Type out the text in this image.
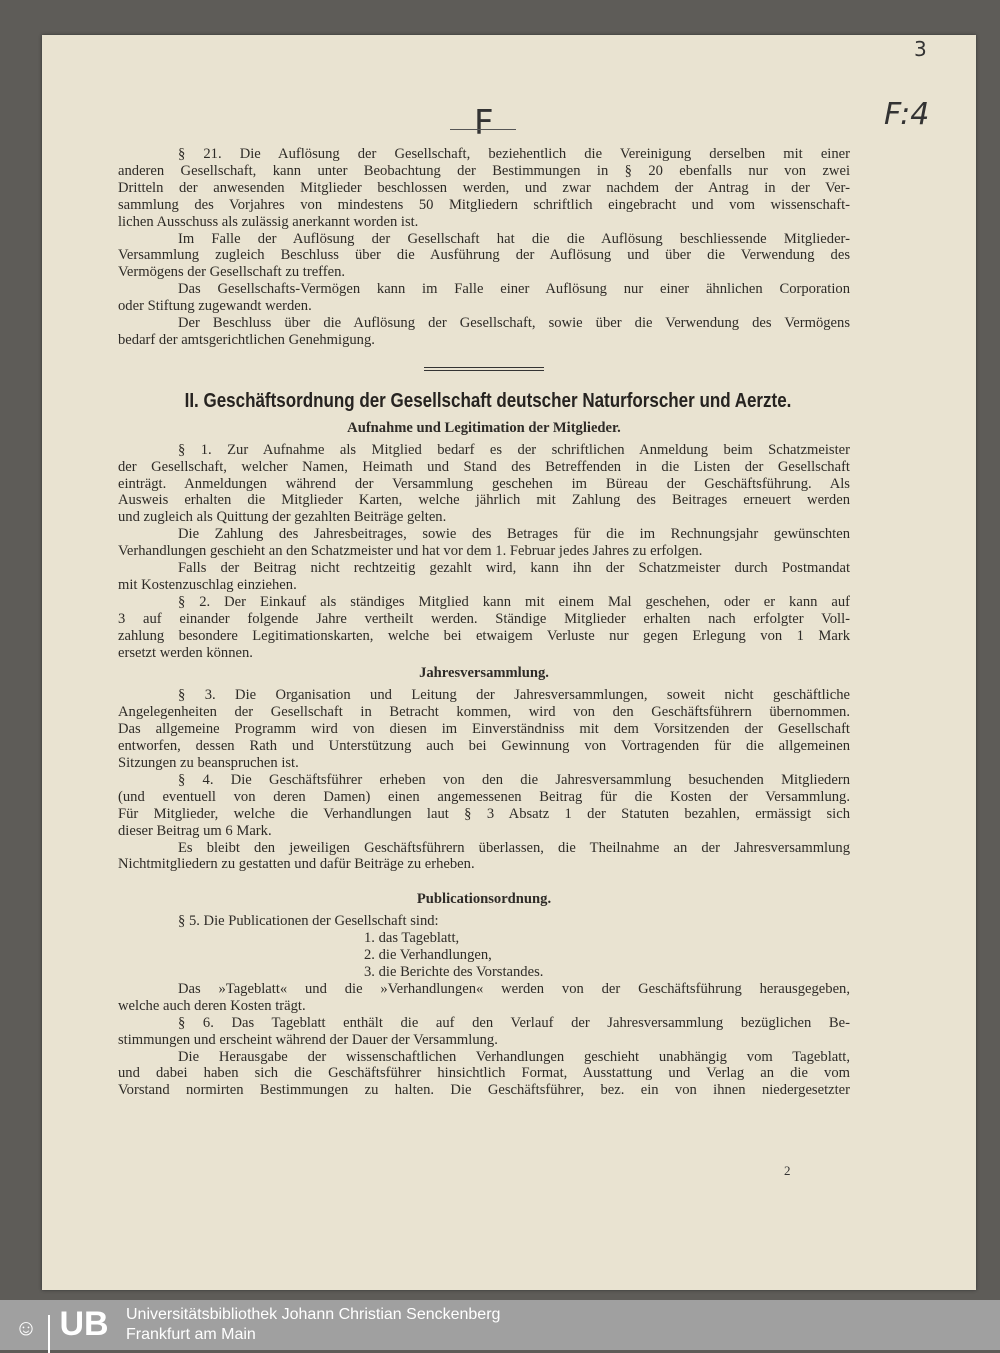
3
F:4
F
2
§ 21. Die Auflösung der Gesellschaft, beziehentlich die Vereinigung derselben mit einer
anderen Gesellschaft, kann unter Beobachtung der Bestimmungen in § 20 ebenfalls nur von zwei
Dritteln der anwesenden Mitglieder beschlossen werden, und zwar nachdem der Antrag in der Ver-
sammlung des Vorjahres von mindestens 50 Mitgliedern schriftlich eingebracht und vom wissenschaft-
lichen Ausschuss als zulässig anerkannt worden ist.
Im Falle der Auflösung der Gesellschaft hat die die Auflösung beschliessende Mitglieder-
Versammlung zugleich Beschluss über die Ausführung der Auflösung und über die Verwendung des
Vermögens der Gesellschaft zu treffen.
Das Gesellschafts-Vermögen kann im Falle einer Auflösung nur einer ähnlichen Corporation
oder Stiftung zugewandt werden.
Der Beschluss über die Auflösung der Gesellschaft, sowie über die Verwendung des Vermögens
bedarf der amtsgerichtlichen Genehmigung.
II. Geschäftsordnung der Gesellschaft deutscher Naturforscher und Aerzte.
Aufnahme und Legitimation der Mitglieder.
§ 1. Zur Aufnahme als Mitglied bedarf es der schriftlichen Anmeldung beim Schatzmeister
der Gesellschaft, welcher Namen, Heimath und Stand des Betreffenden in die Listen der Gesellschaft
einträgt. Anmeldungen während der Versammlung geschehen im Büreau der Geschäftsführung. Als
Ausweis erhalten die Mitglieder Karten, welche jährlich mit Zahlung des Beitrages erneuert werden
und zugleich als Quittung der gezahlten Beiträge gelten.
Die Zahlung des Jahresbeitrages, sowie des Betrages für die im Rechnungsjahr gewünschten
Verhandlungen geschieht an den Schatzmeister und hat vor dem 1. Februar jedes Jahres zu erfolgen.
Falls der Beitrag nicht rechtzeitig gezahlt wird, kann ihn der Schatzmeister durch Postmandat
mit Kostenzuschlag einziehen.
§ 2. Der Einkauf als ständiges Mitglied kann mit einem Mal geschehen, oder er kann auf
3 auf einander folgende Jahre vertheilt werden. Ständige Mitglieder erhalten nach erfolgter Voll-
zahlung besondere Legitimationskarten, welche bei etwaigem Verluste nur gegen Erlegung von 1 Mark
ersetzt werden können.
Jahresversammlung.
§ 3. Die Organisation und Leitung der Jahresversammlungen, soweit nicht geschäftliche
Angelegenheiten der Gesellschaft in Betracht kommen, wird von den Geschäftsführern übernommen.
Das allgemeine Programm wird von diesen im Einverständniss mit dem Vorsitzenden der Gesellschaft
entworfen, dessen Rath und Unterstützung auch bei Gewinnung von Vortragenden für die allgemeinen
Sitzungen zu beanspruchen ist.
§ 4. Die Geschäftsführer erheben von den die Jahresversammlung besuchenden Mitgliedern
(und eventuell von deren Damen) einen angemessenen Beitrag für die Kosten der Versammlung.
Für Mitglieder, welche die Verhandlungen laut § 3 Absatz 1 der Statuten bezahlen, ermässigt sich
dieser Beitrag um 6 Mark.
Es bleibt den jeweiligen Geschäftsführern überlassen, die Theilnahme an der Jahresversammlung
Nichtmitgliedern zu gestatten und dafür Beiträge zu erheben.
Publicationsordnung.
§ 5. Die Publicationen der Gesellschaft sind:
1. das Tageblatt,
2. die Verhandlungen,
3. die Berichte des Vorstandes.
Das »Tageblatt« und die »Verhandlungen« werden von der Geschäftsführung herausgegeben,
welche auch deren Kosten trägt.
§ 6. Das Tageblatt enthält die auf den Verlauf der Jahresversammlung bezüglichen Be-
stimmungen und erscheint während der Dauer der Versammlung.
Die Herausgabe der wissenschaftlichen Verhandlungen geschieht unabhängig vom Tageblatt,
und dabei haben sich die Geschäftsführer hinsichtlich Format, Ausstattung und Verlag an die vom
Vorstand normirten Bestimmungen zu halten. Die Geschäftsführer, bez. ein von ihnen niedergesetzter
☺ UB	Universitätsbibliothek Johann Christian Senckenberg
Frankfurt am Main
